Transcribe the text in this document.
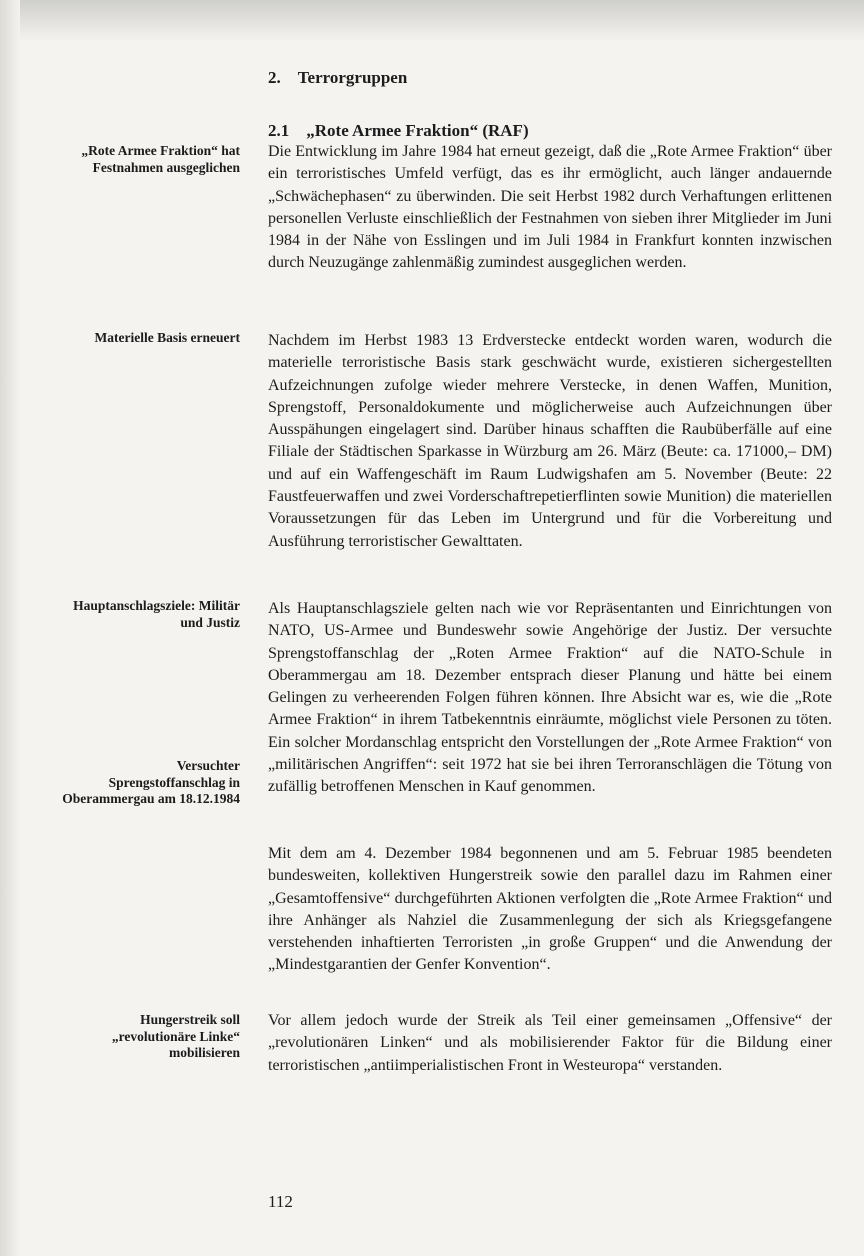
2. Terrorgruppen
2.1 „Rote Armee Fraktion“ (RAF)

Die Entwicklung im Jahre 1984 hat erneut gezeigt, daß die „Rote Armee Fraktion“ über ein terroristisches Umfeld verfügt, das es ihr ermöglicht, auch länger andauernde „Schwächephasen“ zu überwinden. Die seit Herbst 1982 durch Verhaftungen erlittenen personellen Verluste einschließlich der Festnahmen von sieben ihrer Mitglieder im Juni 1984 in der Nähe von Esslingen und im Juli 1984 in Frankfurt konnten inzwischen durch Neuzugänge zahlenmäßig zumindest ausgeglichen werden.

Nachdem im Herbst 1983 13 Erdverstecke entdeckt worden waren, wodurch die materielle terroristische Basis stark geschwächt wurde, existieren sichergestellten Aufzeichnungen zufolge wieder mehrere Verstecke, in denen Waffen, Munition, Sprengstoff, Personaldokumente und möglicherweise auch Aufzeichnungen über Ausspähungen eingelagert sind. Darüber hinaus schafften die Raubüberfälle auf eine Filiale der Städtischen Sparkasse in Würzburg am 26. März (Beute: ca. 171000,– DM) und auf ein Waffengeschäft im Raum Ludwigshafen am 5. November (Beute: 22 Faustfeuerwaffen und zwei Vorderschaftrepetierflinten sowie Munition) die materiellen Voraussetzungen für das Leben im Untergrund und für die Vorbereitung und Ausführung terroristischer Gewalttaten.

Als Hauptanschlagsziele gelten nach wie vor Repräsentanten und Einrichtungen von NATO, US-Armee und Bundeswehr sowie Angehörige der Justiz. Der versuchte Sprengstoffanschlag der „Roten Armee Fraktion“ auf die NATO-Schule in Oberammergau am 18. Dezember entsprach dieser Planung und hätte bei einem Gelingen zu verheerenden Folgen führen können. Ihre Absicht war es, wie die „Rote Armee Fraktion“ in ihrem Tatbekenntnis einräumte, möglichst viele Personen zu töten. Ein solcher Mordanschlag entspricht den Vorstellungen der „Rote Armee Fraktion“ von „militärischen Angriffen“: seit 1972 hat sie bei ihren Terroranschlägen die Tötung von zufällig betroffenen Menschen in Kauf genommen.

Mit dem am 4. Dezember 1984 begonnenen und am 5. Februar 1985 beendeten bundesweiten, kollektiven Hungerstreik sowie den parallel dazu im Rahmen einer „Gesamtoffensive“ durchgeführten Aktionen verfolgten die „Rote Armee Fraktion“ und ihre Anhänger als Nahziel die Zusammenlegung der sich als Kriegsgefangene verstehenden inhaftierten Terroristen „in große Gruppen“ und die Anwendung der „Mindestgarantien der Genfer Konvention“.

Vor allem jedoch wurde der Streik als Teil einer gemeinsamen „Offensive“ der „revolutionären Linken“ und als mobilisierender Faktor für die Bildung einer terroristischen „antiimperialistischen Front in Westeuropa“ verstanden.

„Rote Armee Fraktion“ hat Festnahmen ausgeglichen

Materielle Basis erneuert

Hauptanschlagsziele: Militär und Justiz

Versuchter Sprengstoffanschlag in Oberammergau am 18.12.1984

Hungerstreik soll „revolutionäre Linke“ mobilisieren

112
